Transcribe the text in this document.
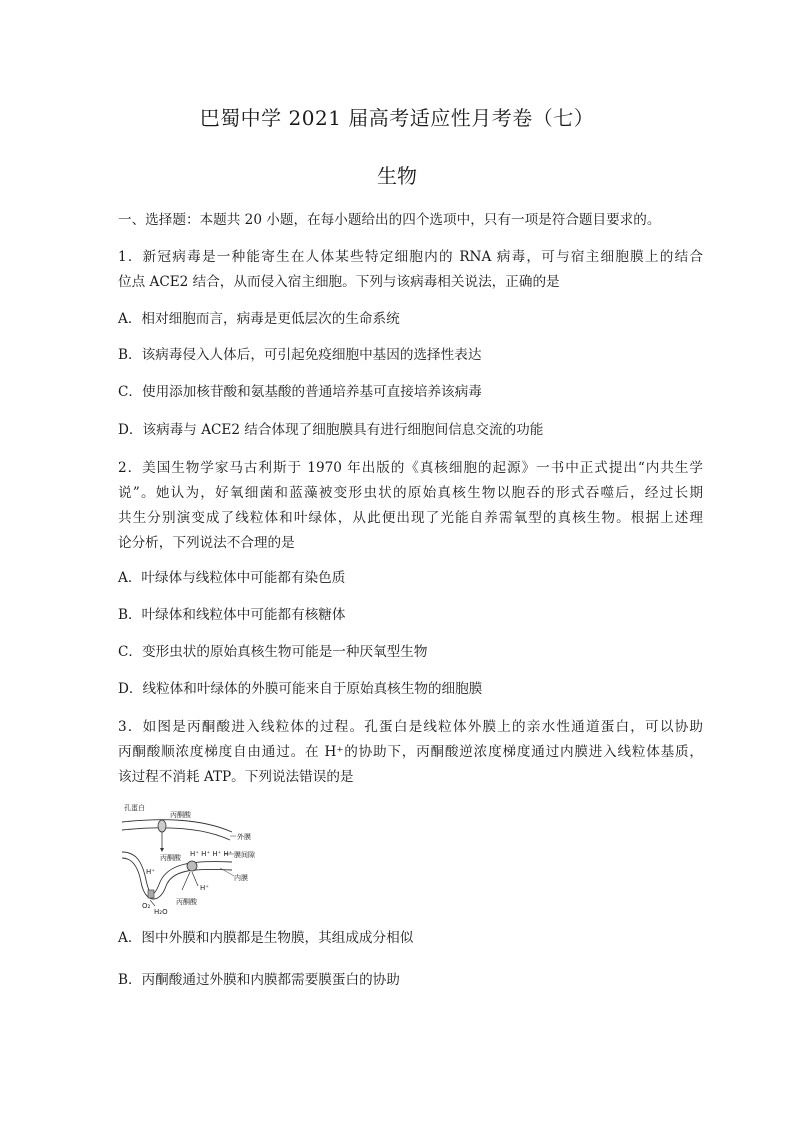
巴蜀中学 2021 届高考适应性月考卷（七）
生物
一、选择题：本题共 20 小题，在每小题给出的四个选项中，只有一项是符合题目要求的。
1．新冠病毒是一种能寄生在人体某些特定细胞内的 RNA 病毒，可与宿主细胞膜上的结合
位点 ACE2 结合，从而侵入宿主细胞。下列与该病毒相关说法，正确的是
A．相对细胞而言，病毒是更低层次的生命系统
B．该病毒侵入人体后，可引起免疫细胞中基因的选择性表达
C．使用添加核苷酸和氨基酸的普通培养基可直接培养该病毒
D．该病毒与 ACE2 结合体现了细胞膜具有进行细胞间信息交流的功能
2．美国生物学家马古利斯于 1970 年出版的《真核细胞的起源》一书中正式提出“内共生学
说”。她认为，好氧细菌和蓝藻被变形虫状的原始真核生物以胞吞的形式吞噬后，经过长期
共生分别演变成了线粒体和叶绿体，从此便出现了光能自养需氧型的真核生物。根据上述理
论分析，下列说法不合理的是
A．叶绿体与线粒体中可能都有染色质
B．叶绿体和线粒体中可能都有核糖体
C．变形虫状的原始真核生物可能是一种厌氧型生物
D．线粒体和叶绿体的外膜可能来自于原始真核生物的细胞膜
3．如图是丙酮酸进入线粒体的过程。孔蛋白是线粒体外膜上的亲水性通道蛋白，可以协助
丙酮酸顺浓度梯度自由通过。在 H⁺的协助下，丙酮酸逆浓度梯度通过内膜进入线粒体基质，
该过程不消耗 ATP。下列说法错误的是
孔蛋白
丙酮酸
外膜
丙酮酸 H⁺ H⁺ H⁺ H⁺ 膜间隙
H⁺
H⁺
内膜
O₂
H₂O
丙酮酸
A．图中外膜和内膜都是生物膜，其组成成分相似
B．丙酮酸通过外膜和内膜都需要膜蛋白的协助
